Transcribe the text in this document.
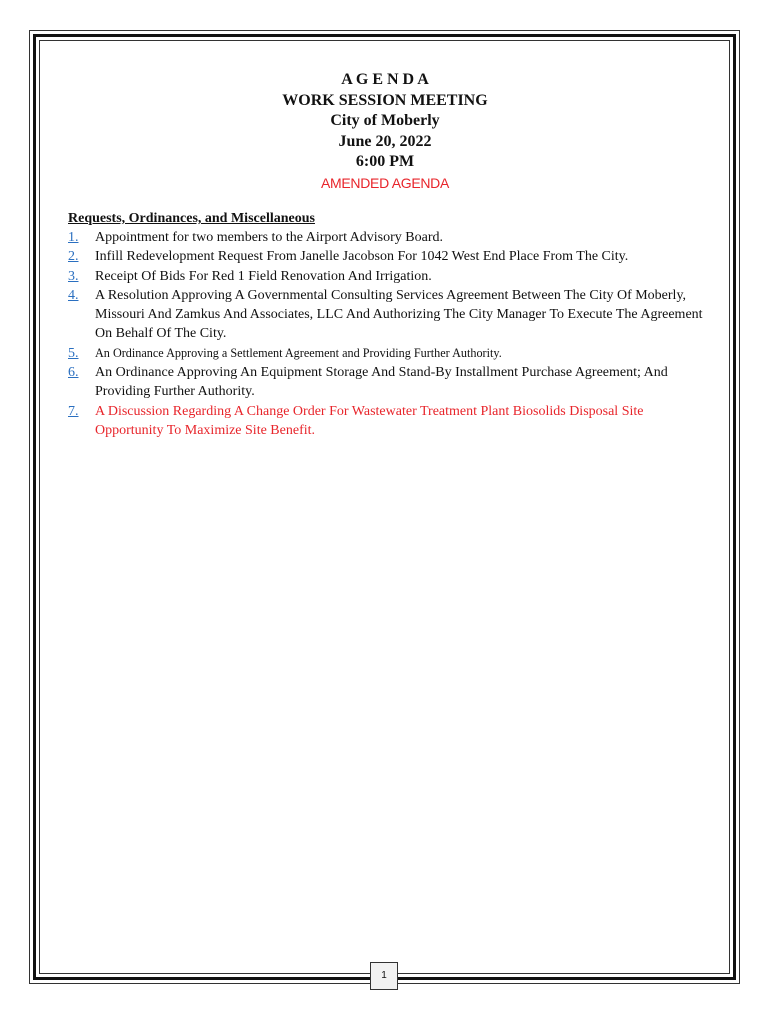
A G E N D A
WORK SESSION MEETING
City of Moberly
June 20, 2022
6:00 PM
AMENDED AGENDA
Requests, Ordinances, and Miscellaneous
1.	Appointment for two members to the Airport Advisory Board.
2.	Infill Redevelopment Request From Janelle Jacobson For 1042 West End Place From The City.
3.	Receipt Of Bids For Red 1 Field Renovation And Irrigation.
4.	A Resolution Approving A Governmental Consulting Services Agreement Between The City Of Moberly, Missouri And Zamkus And Associates, LLC And Authorizing The City Manager To Execute The Agreement On Behalf Of The City.
5.	An Ordinance Approving a Settlement Agreement and Providing Further Authority.
6.	An Ordinance Approving An Equipment Storage And Stand-By Installment Purchase Agreement; And Providing Further Authority.
7.	A Discussion Regarding A Change Order For Wastewater Treatment Plant Biosolids Disposal Site Opportunity To Maximize Site Benefit.
1
